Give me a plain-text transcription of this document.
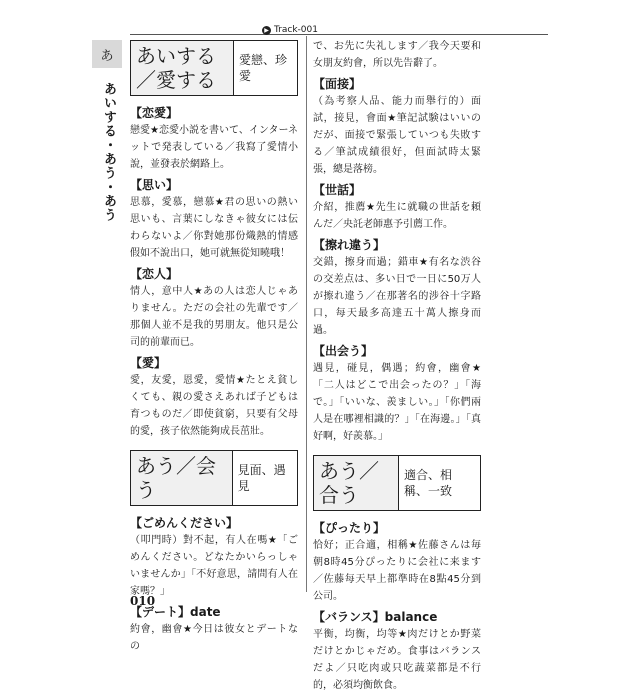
あ
あいする・あう・あう
▶ Track-001
あいする／愛する
愛戀、珍愛
【恋愛】

戀愛★恋愛小説を書いて、インターネットで発表している／我寫了愛情小說，並發表於網路上。

【思い】

思慕，愛慕，戀慕★君の思いの熱い思いも、言葉にしなきゃ彼女には伝わらないよ／你對她那份熾熱的情感假如不說出口，她可就無從知曉哦！

【恋人】

情人，意中人★あの人は恋人じゃありません。ただの会社の先輩です／那個人並不是我的男朋友。他只是公司的前輩而已。

【愛】

愛，友愛，恩愛，愛情★たとえ貧しくても、親の愛さえあれば子どもは育つものだ／即使貧窮，只要有父母的愛，孩子依然能夠成長茁壯。

あう／会う
見面、遇見
【ごめんください】

（叩門時）對不起，有人在嗎★「ごめんください。どなたかいらっしゃいませんか」「不好意思，請問有人在家嗎？」

【デート】date

約會，幽會★今日は彼女とデートなの

で、お先に失礼します／我今天要和女朋友約會，所以先告辭了。

【面接】

（為考察人品、能力而舉行的）面試，接見，會面★筆記試験はいいのだが、面接で緊張していつも失敗する／筆試成績很好，但面試時太緊張，總是落榜。

【世話】

介紹，推薦★先生に就職の世話を頼んだ／央託老師惠予引薦工作。

【擦れ違う】

交錯，擦身而過；錯車★有名な渋谷の交差点は、多い日で一日に50万人が擦れ違う／在那著名的涉谷十字路口，每天最多高達五十萬人擦身而過。

【出会う】

遇見，碰見，偶遇；約會，幽會★「二人はどこで出会ったの？」「海で。」「いいな、羨ましい。」「你們兩人是在哪裡相識的？」「在海邊。」「真好啊，好羨慕。」

あう／合う
適合、相稱、一致
【ぴったり】

恰好；正合適，相稱★佐藤さんは毎朝8時45分ぴったりに会社に来ます／佐藤每天早上都準時在8點45分到公司。

【バランス】balance

平衡，均衡，均等★肉だけとか野菜だけとかじゃだめ。食事はバランスだよ／只吃肉或只吃蔬菜都是不行的，必須均衡飲食。

010
